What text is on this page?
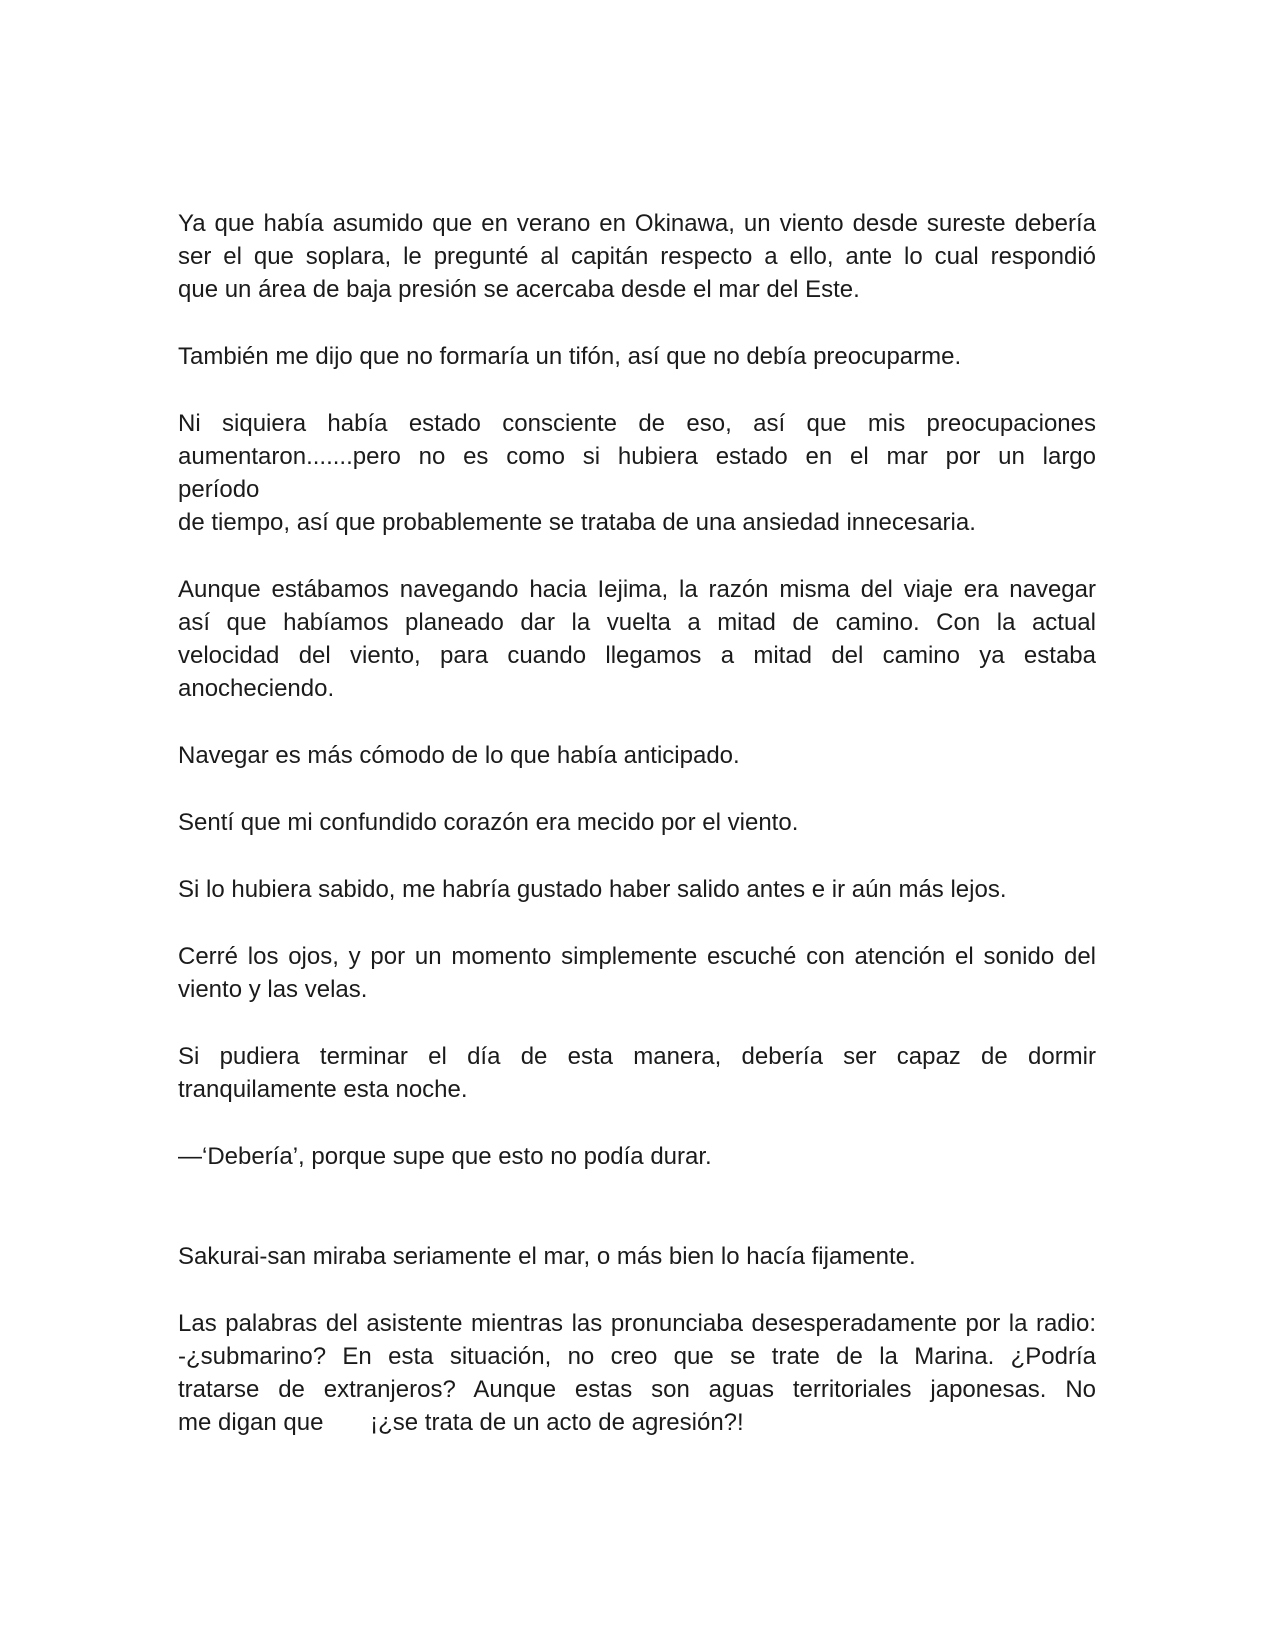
Ya que había asumido que en verano en Okinawa, un viento desde sureste debería
ser el que soplara, le pregunté al capitán respecto a ello, ante lo cual respondió
que un área de baja presión se acercaba desde el mar del Este.
También me dijo que no formaría un tifón, así que no debía preocuparme.
Ni siquiera había estado consciente de eso, así que mis preocupaciones
aumentaron.......pero no es como si hubiera estado en el mar por un largo
período
de tiempo, así que probablemente se trataba de una ansiedad innecesaria.
Aunque estábamos navegando hacia Iejima, la razón misma del viaje era navegar
así que habíamos planeado dar la vuelta a mitad de camino. Con la actual
velocidad del viento, para cuando llegamos a mitad del camino ya estaba
anocheciendo.
Navegar es más cómodo de lo que había anticipado.
Sentí que mi confundido corazón era mecido por el viento.
Si lo hubiera sabido, me habría gustado haber salido antes e ir aún más lejos.
Cerré los ojos, y por un momento simplemente escuché con atención el sonido del
viento y las velas.
Si pudiera terminar el día de esta manera, debería ser capaz de dormir
tranquilamente esta noche.
—‘Debería’, porque supe que esto no podía durar.
Sakurai-san miraba seriamente el mar, o más bien lo hacía fijamente.
Las palabras del asistente mientras las pronunciaba desesperadamente por la radio:
-¿submarino? En esta situación, no creo que se trate de la Marina. ¿Podría
tratarse de extranjeros? Aunque estas son aguas territoriales japonesas. No
me digan que       ¡¿se trata de un acto de agresión?!
